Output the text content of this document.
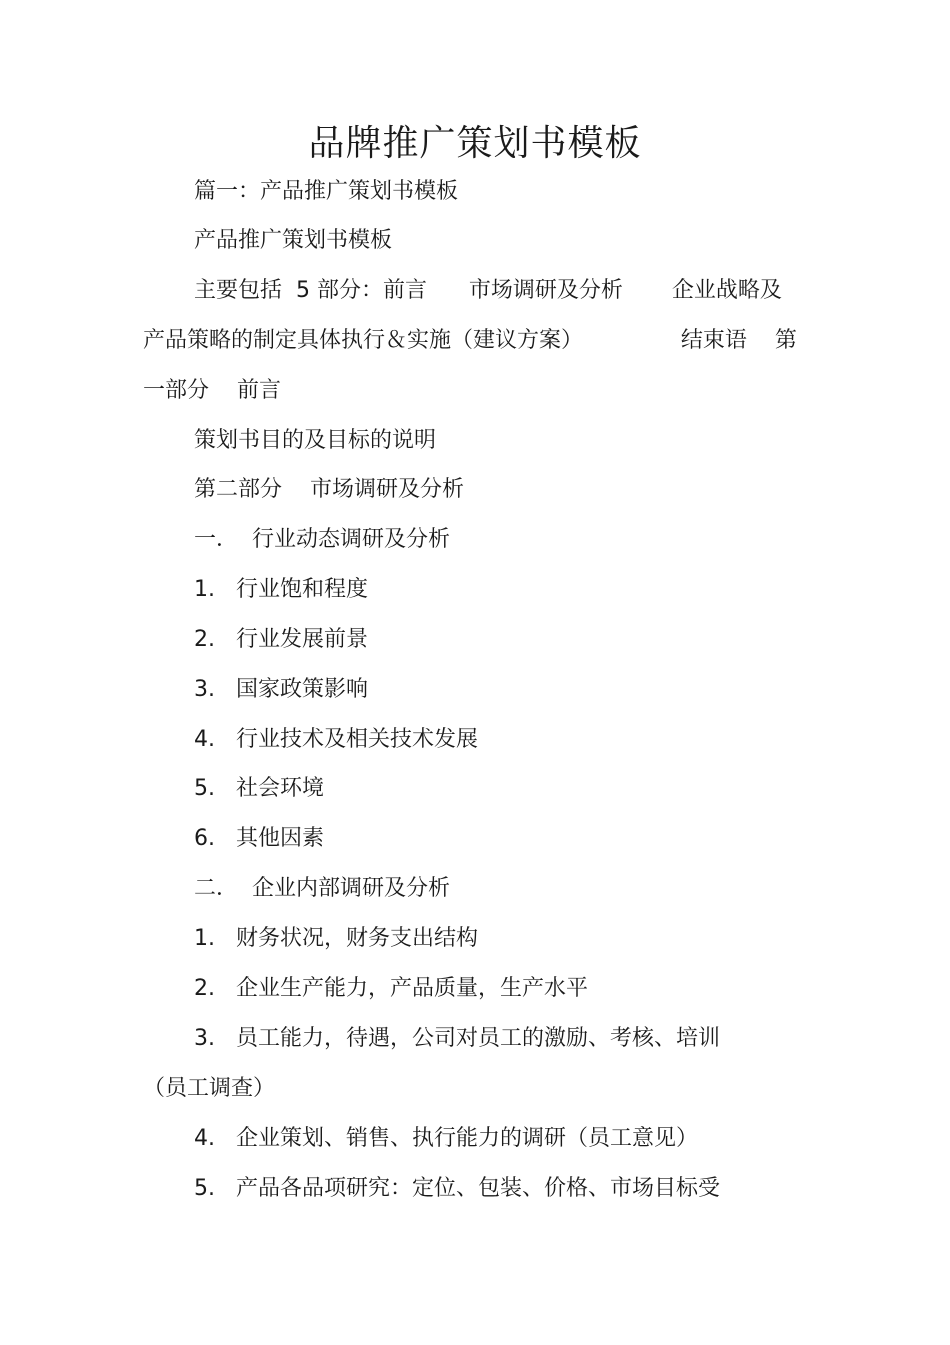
品牌推广策划书模板
篇一：产品推广策划书模板
产品推广策划书模板
主要包括  5 部分：前言      市场调研及分析       企业战略及
产品策略的制定具体执行＆实施（建议方案）              结束语    第
一部分    前言
策划书目的及目标的说明
第二部分    市场调研及分析
一．  行业动态调研及分析
1.   行业饱和程度
2.   行业发展前景
3.   国家政策影响
4.   行业技术及相关技术发展
5.   社会环境
6.   其他因素
二．  企业内部调研及分析
1.   财务状况，财务支出结构
2.   企业生产能力，产品质量，生产水平
3.   员工能力，待遇，公司对员工的激励、考核、培训
（员工调查）
4.   企业策划、销售、执行能力的调研（员工意见）
5.   产品各品项研究：定位、包装、价格、市场目标受
